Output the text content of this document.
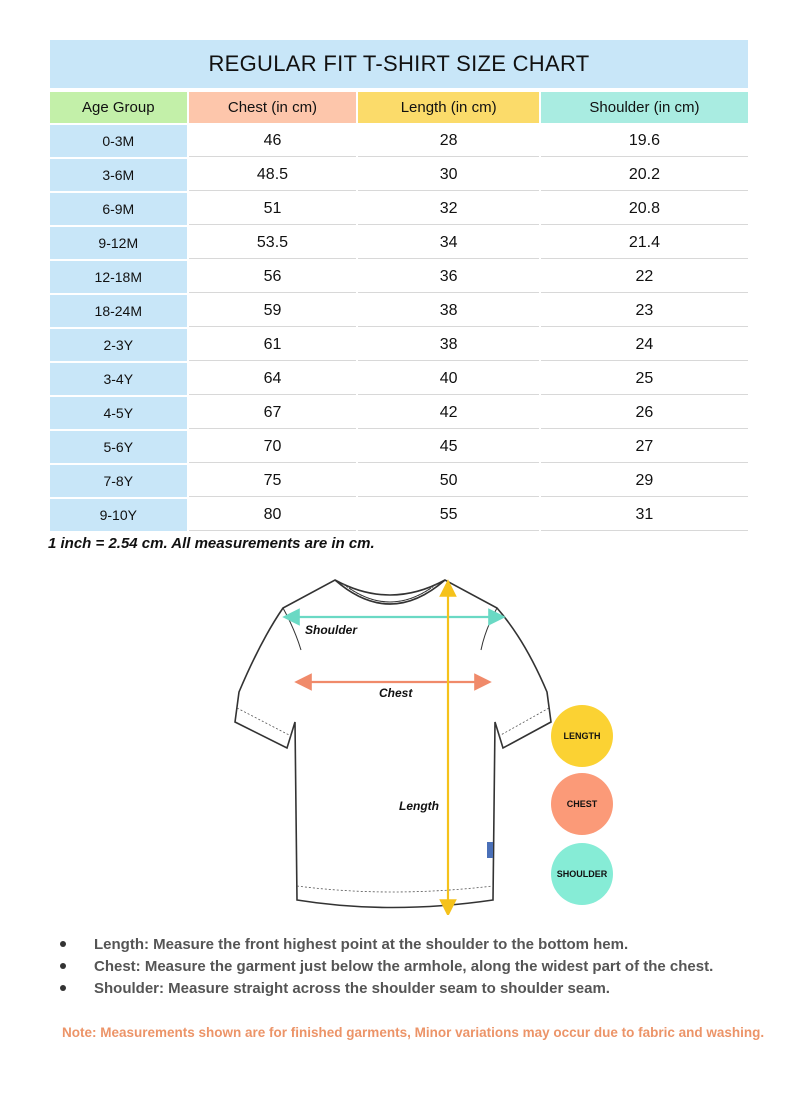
REGULAR FIT T-SHIRT SIZE CHART
Age Group	Chest (in cm)	Length (in cm)	Shoulder (in cm)
0-3M	46	28	19.6
3-6M	48.5	30	20.2
6-9M	51	32	20.8
9-12M	53.5	34	21.4
12-18M	56	36	22
18-24M	59	38	23
2-3Y	61	38	24
3-4Y	64	40	25
4-5Y	67	42	26
5-6Y	70	45	27
7-8Y	75	50	29
9-10Y	80	55	31
1 inch = 2.54 cm. All measurements are in cm.
Shoulder
Chest
Length
LENGTH
CHEST
SHOULDER
Length: Measure the front highest point at the shoulder to the bottom hem.
Chest: Measure the garment just below the armhole, along the widest part of the chest.
Shoulder: Measure straight across the shoulder seam to shoulder seam.
Note: Measurements shown are for finished garments, Minor variations may occur due to fabric and washing.
